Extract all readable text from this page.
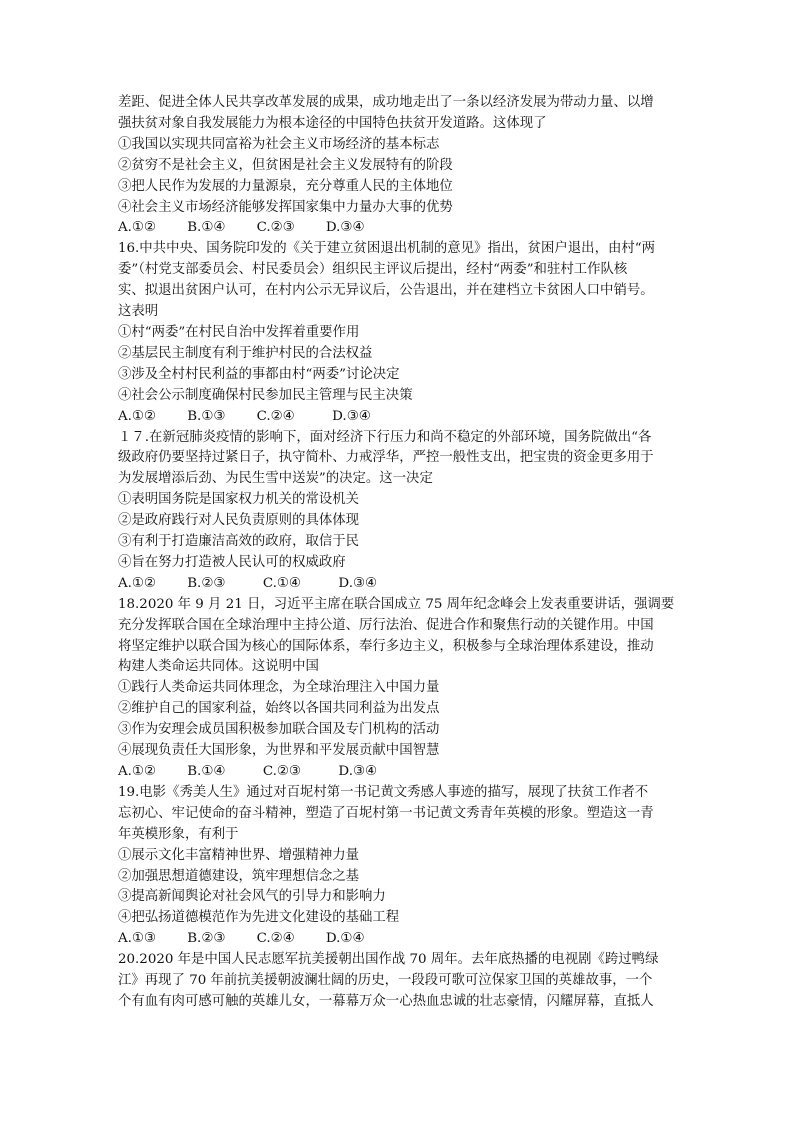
差距、促进全体人民共享改革发展的成果，成功地走出了一条以经济发展为带动力量、以增
强扶贫对象自我发展能力为根本途径的中国特色扶贫开发道路。这体现了
①我国以实现共同富裕为社会主义市场经济的基本标志
②贫穷不是社会主义，但贫困是社会主义发展特有的阶段
③把人民作为发展的力量源泉，充分尊重人民的主体地位
④社会主义市场经济能够发挥国家集中力量办大事的优势
A.①②     B.①④     C.②③     D.③④
16.中共中央、国务院印发的《关于建立贫困退出机制的意见》指出，贫困户退出，由村“两
委”（村党支部委员会、村民委员会）组织民主评议后提出，经村“两委”和驻村工作队核
实、拟退出贫困户认可，在村内公示无异议后，公告退出，并在建档立卡贫困人口中销号。
这表明
①村“两委”在村民自治中发挥着重要作用
②基层民主制度有利于维护村民的合法权益
③涉及全村村民利益的事都由村“两委”讨论决定
④社会公示制度确保村民参加民主管理与民主决策
A.①②     B.①③     C.②④      D.③④
１７.在新冠肺炎疫情的影响下，面对经济下行压力和尚不稳定的外部环境，国务院做出“各
级政府仍要坚持过紧日子，执守简朴、力戒浮华，严控一般性支出，把宝贵的资金更多用于
为发展增添后劲、为民生雪中送炭”的决定。这一决定
①表明国务院是国家权力机关的常设机关
②是政府践行对人民负责原则的具体体现
③有利于打造廉洁高效的政府，取信于民
④旨在努力打造被人民认可的权威政府
A.①②     B.②③      C.①④      D.③④
18.2020 年 9 月 21 日，习近平主席在联合国成立 75 周年纪念峰会上发表重要讲话，强调要
充分发挥联合国在全球治理中主持公道、厉行法治、促进合作和聚焦行动的关键作用。中国
将坚定维护以联合国为核心的国际体系，奉行多边主义，积极参与全球治理体系建设，推动
构建人类命运共同体。这说明中国
①践行人类命运共同体理念，为全球治理注入中国力量
②维护自己的国家利益，始终以各国共同利益为出发点
③作为安理会成员国积极参加联合国及专门机构的活动
④展现负责任大国形象，为世界和平发展贡献中国智慧
A.①②     B.①④      C.②③      D.③④
19.电影《秀美人生》通过对百坭村第一书记黄文秀感人事迹的描写，展现了扶贫工作者不
忘初心、牢记使命的奋斗精神，塑造了百坭村第一书记黄文秀青年英模的形象。塑造这一青
年英模形象，有利于
①展示文化丰富精神世界、增强精神力量
②加强思想道德建设，筑牢理想信念之基
③提高新闻舆论对社会风气的引导力和影响力
④把弘扬道德模范作为先进文化建设的基础工程
A.①③     B.②③     C.②④     D.①④
20.2020 年是中国人民志愿军抗美援朝出国作战 70 周年。去年底热播的电视剧《跨过鸭绿
江》再现了 70 年前抗美援朝波澜壮阔的历史，一段段可歌可泣保家卫国的英雄故事，一个
个有血有肉可感可触的英雄儿女，一幕幕万众一心热血忠诚的壮志豪情，闪耀屏幕，直抵人
